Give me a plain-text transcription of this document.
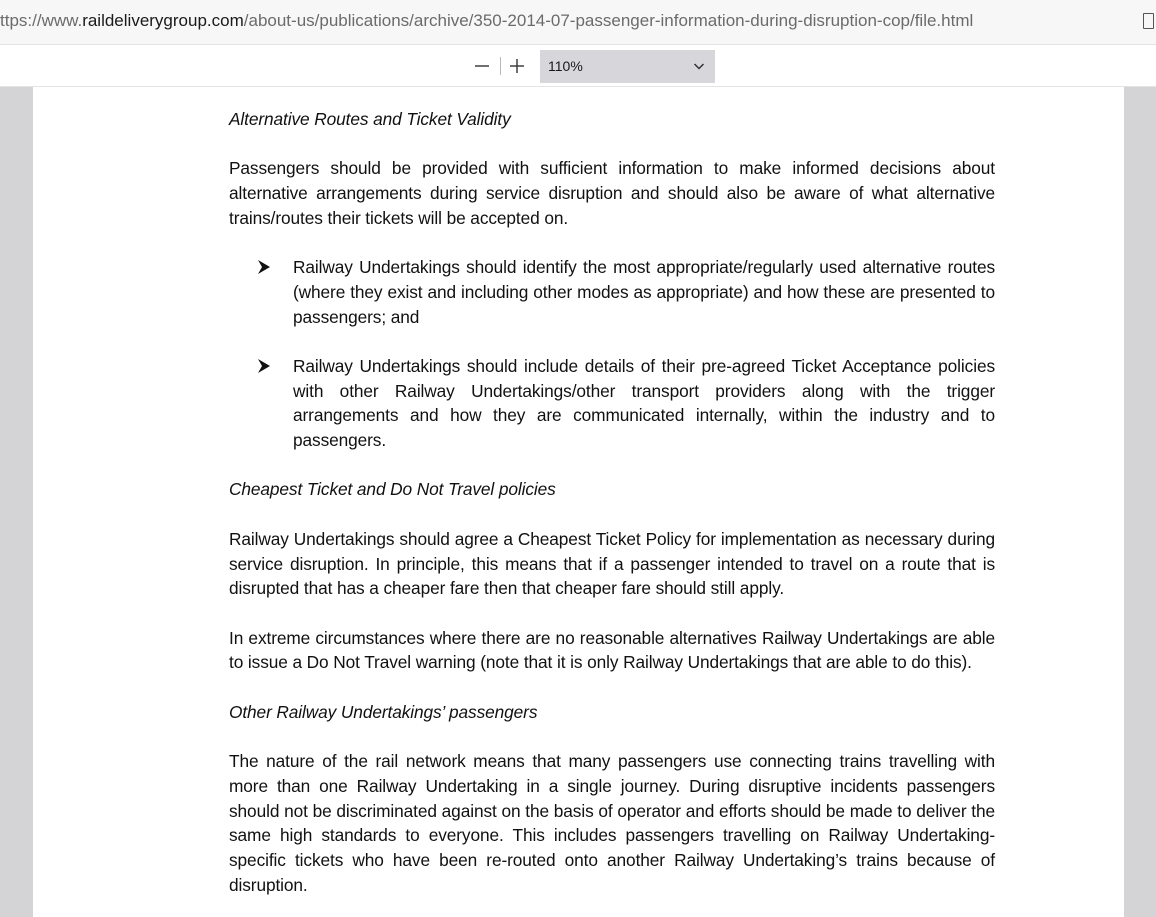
ttps://www.raildeliverygroup.com/about-us/publications/archive/350-2014-07-passenger-information-during-disruption-cop/file.html
110%

Alternative Routes and Ticket Validity

Passengers should be provided with sufficient information to make informed decisions about alternative arrangements during service disruption and should also be aware of what alternative trains/routes their tickets will be accepted on.

Railway Undertakings should identify the most appropriate/regularly used alternative routes (where they exist and including other modes as appropriate) and how these are presented to passengers; and
Railway Undertakings should include details of their pre-agreed Ticket Acceptance policies with other Railway Undertakings/other transport providers along with the trigger arrangements and how they are communicated internally, within the industry and to passengers.

Cheapest Ticket and Do Not Travel policies

Railway Undertakings should agree a Cheapest Ticket Policy for implementation as necessary during service disruption. In principle, this means that if a passenger intended to travel on a route that is disrupted that has a cheaper fare then that cheaper fare should still apply.

In extreme circumstances where there are no reasonable alternatives Railway Undertakings are able to issue a Do Not Travel warning (note that it is only Railway Undertakings that are able to do this).

Other Railway Undertakings’ passengers

The nature of the rail network means that many passengers use connecting trains travelling with more than one Railway Undertaking in a single journey. During disruptive incidents passengers should not be discriminated against on the basis of operator and efforts should be made to deliver the same high standards to everyone. This includes passengers travelling on Railway Undertaking-specific tickets who have been re-routed onto another Railway Undertaking’s trains because of disruption.
